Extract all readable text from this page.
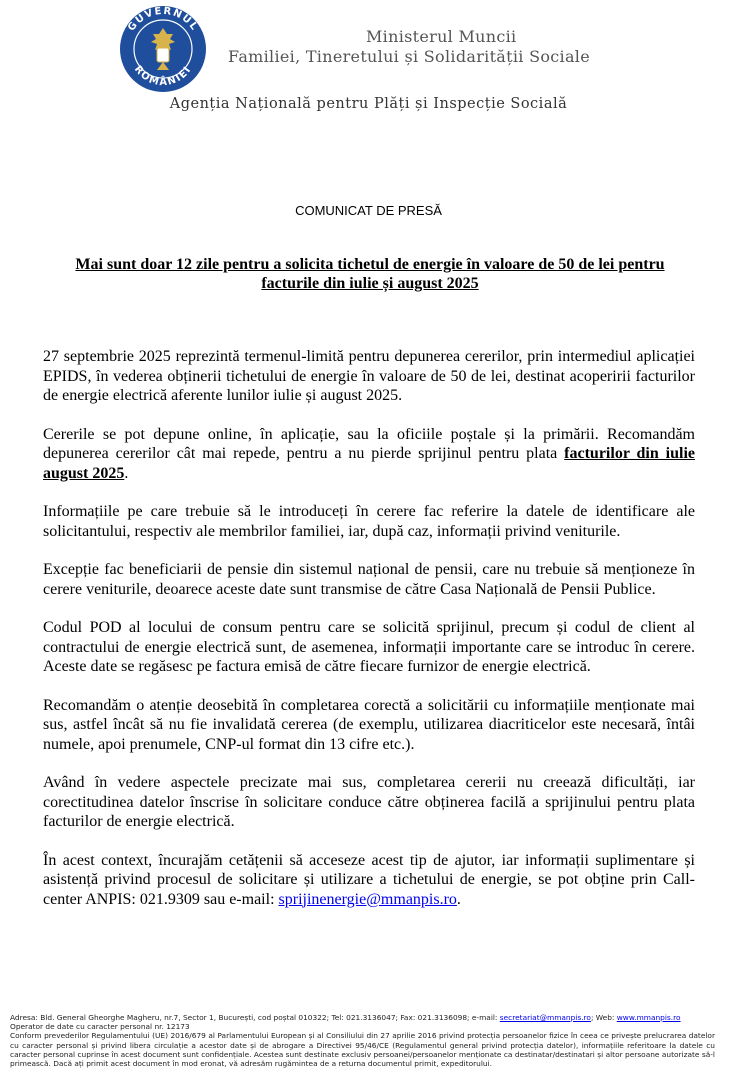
GUVERNUL
ROMÂNIEI
Ministerul Muncii
Familiei, Tineretului și Solidarității Sociale
Agenția Națională pentru Plăți și Inspecție Socială
COMUNICAT DE PRESĂ
Mai sunt doar 12 zile pentru a solicita tichetul de energie în valoare de 50 de lei pentru facturile din iulie și august 2025

27 septembrie 2025 reprezintă termenul-limită pentru depunerea cererilor, prin intermediul aplicației EPIDS, în vederea obținerii tichetului de energie în valoare de 50 de lei, destinat acoperirii facturilor de energie electrică aferente lunilor iulie și august 2025.

Cererile se pot depune online, în aplicație, sau la oficiile poștale și la primării. Recomandăm depunerea cererilor cât mai repede, pentru a nu pierde sprijinul pentru plata facturilor din iulie august 2025.

Informațiile pe care trebuie să le introduceți în cerere fac referire la datele de identificare ale solicitantului, respectiv ale membrilor familiei, iar, după caz, informații privind veniturile.

Excepție fac beneficiarii de pensie din sistemul național de pensii, care nu trebuie să menționeze în cerere veniturile, deoarece aceste date sunt transmise de către Casa Națională de Pensii Publice.

Codul POD al locului de consum pentru care se solicită sprijinul, precum și codul de client al contractului de energie electrică sunt, de asemenea, informații importante care se introduc în cerere. Aceste date se regăsesc pe factura emisă de către fiecare furnizor de energie electrică.

Recomandăm o atenție deosebită în completarea corectă a solicitării cu informațiile menționate mai sus, astfel încât să nu fie invalidată cererea (de exemplu, utilizarea diacriticelor este necesară, întâi numele, apoi prenumele, CNP-ul format din 13 cifre etc.).

Având în vedere aspectele precizate mai sus, completarea cererii nu creează dificultăți, iar corectitudinea datelor înscrise în solicitare conduce către obținerea facilă a sprijinului pentru plata facturilor de energie electrică.

În acest context, încurajăm cetățenii să acceseze acest tip de ajutor, iar informații suplimentare și asistență privind procesul de solicitare și utilizare a tichetului de energie, se pot obține prin Call-center ANPIS: 021.9309 sau e-mail: sprijinenergie@mmanpis.ro.

Adresa: Bld. General Gheorghe Magheru, nr.7, Sector 1, București, cod poștal 010322; Tel: 021.3136047; Fax: 021.3136098; e-mail: secretariat@mmanpis.ro; Web: www.mmanpis.ro

Operator de date cu caracter personal nr. 12173

Conform prevederilor Regulamentului (UE) 2016/679 al Parlamentului European și al Consiliului din 27 aprilie 2016 privind protecția persoanelor fizice în ceea ce privește prelucrarea datelor cu caracter personal și privind libera circulație a acestor date și de abrogare a Directivei 95/46/CE (Regulamentul general privind protecția datelor), informațiile referitoare la datele cu caracter personal cuprinse în acest document sunt confidențiale. Acestea sunt destinate exclusiv persoanei/persoanelor menționate ca destinatar/destinatari și altor persoane autorizate să-l primească. Dacă ați primit acest document în mod eronat, vă adresăm rugămintea de a returna documentul primit, expeditorului.
